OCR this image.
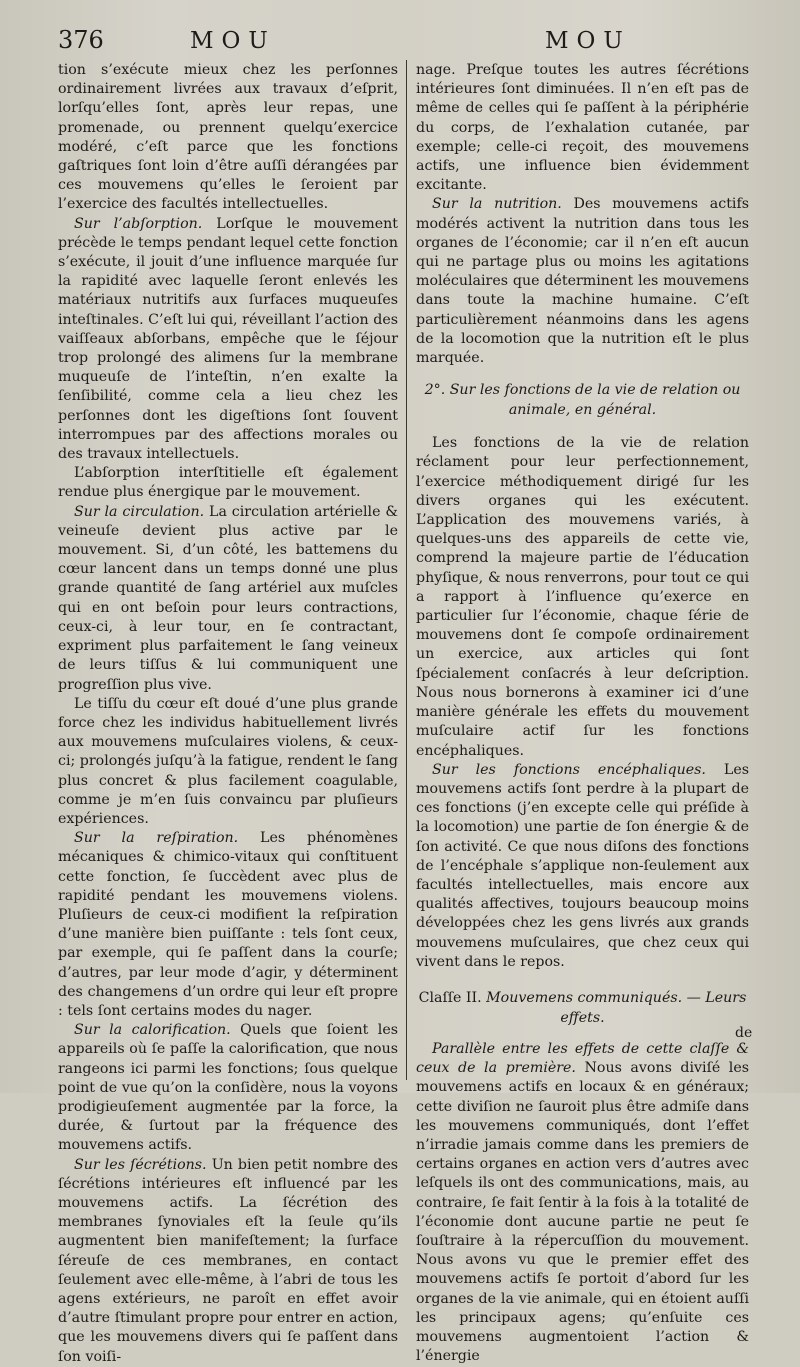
376	MOU	MOU

tion s’exécute mieux chez les perſonnes ordinairement livrées aux travaux d’eſprit, lorſqu’elles ſont, après leur repas, une promenade, ou prennent quelqu’exercice modéré, c’eſt parce que les fonctions gaſtriques ſont loin d’être auſſi dérangées par ces mouvemens qu’elles le ſeroient par l’exercice des facultés intellectuelles.

Sur l’abſorption. Lorſque le mouvement précède le temps pendant lequel cette fonction s’exécute, il jouit d’une influence marquée ſur la rapidité avec laquelle ſeront enlevés les matériaux nutritifs aux ſurfaces muqueuſes inteſtinales. C’eſt lui qui, réveillant l’action des vaiſſeaux abſorbans, empêche que le ſéjour trop prolongé des alimens ſur la membrane muqueuſe de l’inteſtin, n’en exalte la ſenſibilité, comme cela a lieu chez les perſonnes dont les digeſtions ſont ſouvent interrompues par des affections morales ou des travaux intellectuels.

L’abſorption interſtitielle eſt également rendue plus énergique par le mouvement.

Sur la circulation. La circulation artérielle & veineuſe devient plus active par le mouvement. Si, d’un côté, les battemens du cœur lancent dans un temps donné une plus grande quantité de ſang artériel aux muſcles qui en ont beſoin pour leurs contractions, ceux-ci, à leur tour, en ſe contractant, expriment plus parfaitement le ſang veineux de leurs tiſſus & lui communiquent une progreſſion plus vive.

Le tiſſu du cœur eſt doué d’une plus grande force chez les individus habituellement livrés aux mouvemens muſculaires violens, & ceux-ci; prolongés juſqu’à la fatigue, rendent le ſang plus concret & plus facilement coagulable, comme je m’en ſuis convaincu par pluſieurs expériences.

Sur la reſpiration. Les phénomènes mécaniques & chimico-vitaux qui conſtituent cette fonction, ſe ſuccèdent avec plus de rapidité pendant les mouvemens violens. Pluſieurs de ceux-ci modifient la reſpiration d’une manière bien puiſſante : tels ſont ceux, par exemple, qui ſe paſſent dans la courſe; d’autres, par leur mode d’agir, y déterminent des changemens d’un ordre qui leur eſt propre : tels ſont certains modes du nager.

Sur la calorification. Quels que ſoient les appareils où ſe paſſe la calorification, que nous rangeons ici parmi les fonctions; ſous quelque point de vue qu’on la conſidère, nous la voyons prodigieuſement augmentée par la force, la durée, & ſurtout par la fréquence des mouvemens actifs.

Sur les ſécrétions. Un bien petit nombre des ſécrétions intérieures eſt influencé par les mouvemens actifs. La ſécrétion des membranes ſynoviales eſt la ſeule qu’ils augmentent bien manifeſtement; la ſurface ſéreuſe de ces membranes, en contact ſeulement avec elle-même, à l’abri de tous les agens extérieurs, ne paroît en effet avoir d’autre ſtimulant propre pour entrer en action, que les mouvemens divers qui ſe paſſent dans ſon voiſi-

nage. Preſque toutes les autres ſécrétions intérieures ſont diminuées. Il n’en eſt pas de même de celles qui ſe paſſent à la périphérie du corps, de l’exhalation cutanée, par exemple; celle-ci reçoit, des mouvemens actifs, une influence bien évidemment excitante.

Sur la nutrition. Des mouvemens actifs modérés activent la nutrition dans tous les organes de l’économie; car il n’en eſt aucun qui ne partage plus ou moins les agitations moléculaires que déterminent les mouvemens dans toute la machine humaine. C’eſt particulièrement néanmoins dans les agens de la locomotion que la nutrition eſt le plus marquée.

2°. Sur les fonctions de la vie de relation ou animale, en général.

Les fonctions de la vie de relation réclament pour leur perfectionnement, l’exercice méthodiquement dirigé ſur les divers organes qui les exécutent. L’application des mouvemens variés, à quelques-uns des appareils de cette vie, comprend la majeure partie de l’éducation phyſique, & nous renverrons, pour tout ce qui a rapport à l’influence qu’exerce en particulier ſur l’économie, chaque ſérie de mouvemens dont ſe compoſe ordinairement un exercice, aux articles qui ſont ſpécialement conſacrés à leur deſcription. Nous nous bornerons à examiner ici d’une manière générale les effets du mouvement muſculaire actif ſur les fonctions encéphaliques.

Sur les fonctions encéphaliques. Les mouvemens actifs ſont perdre à la plupart de ces fonctions (j’en excepte celle qui préſide à la locomotion) une partie de ſon énergie & de ſon activité. Ce que nous diſons des fonctions de l’encéphale s’applique non-ſeulement aux facultés intellectuelles, mais encore aux qualités affectives, toujours beaucoup moins développées chez les gens livrés aux grands mouvemens muſculaires, que chez ceux qui vivent dans le repos.

Claſſe II. Mouvemens communiqués. — Leurs effets.

Parallèle entre les effets de cette claſſe & ceux de la première. Nous avons diviſé les mouvemens actifs en locaux & en généraux; cette diviſion ne ſauroit plus être admiſe dans les mouvemens communiqués, dont l’effet n’irradie jamais comme dans les premiers de certains organes en action vers d’autres avec leſquels ils ont des communications, mais, au contraire, ſe fait ſentir à la fois à la totalité de l’économie dont aucune partie ne peut ſe ſouſtraire à la répercuſſion du mouvement. Nous avons vu que le premier effet des mouvemens actifs ſe portoit d’abord ſur les organes de la vie animale, qui en étoient auſſi les principaux agens; qu’enſuite ces mouvemens augmentoient l’action & l’énergie

de
